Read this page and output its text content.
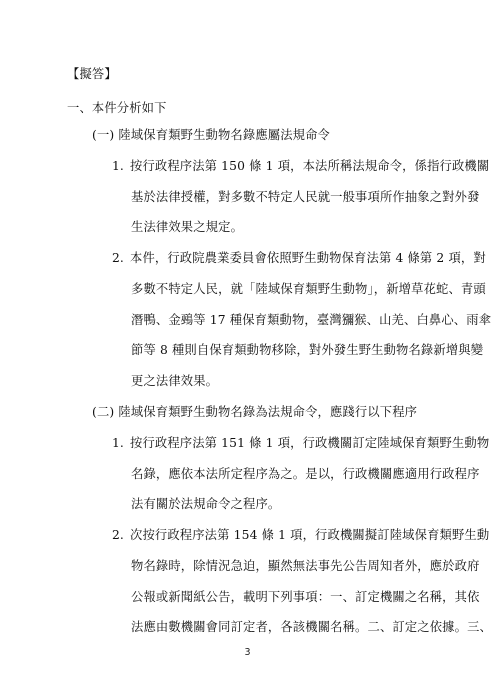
【擬答】
一、本件分析如下
(一) 陸域保育類野生動物名錄應屬法規命令
1. 按行政程序法第 150 條 1 項，本法所稱法規命令，係指行政機關
基於法律授權，對多數不特定人民就一般事項所作抽象之對外發
生法律效果之規定。
2. 本件，行政院農業委員會依照野生動物保育法第 4 條第 2 項，對
多數不特定人民，就「陸域保育類野生動物」，新增草花蛇、青頭
潛鴨、金鵐等 17 種保育類動物，臺灣獼猴、山羌、白鼻心、雨傘
節等 8 種則自保育類動物移除，對外發生野生動物名錄新增與變
更之法律效果。
(二) 陸域保育類野生動物名錄為法規命令，應踐行以下程序
1. 按行政程序法第 151 條 1 項，行政機關訂定陸域保育類野生動物
名錄，應依本法所定程序為之。是以，行政機關應適用行政程序
法有關於法規命令之程序。
2. 次按行政程序法第 154 條 1 項，行政機關擬訂陸域保育類野生動
物名錄時，除情況急迫，顯然無法事先公告周知者外，應於政府
公報或新聞紙公告，載明下列事項：一、訂定機關之名稱，其依
法應由數機關會同訂定者，各該機關名稱。二、訂定之依據。三、
3
